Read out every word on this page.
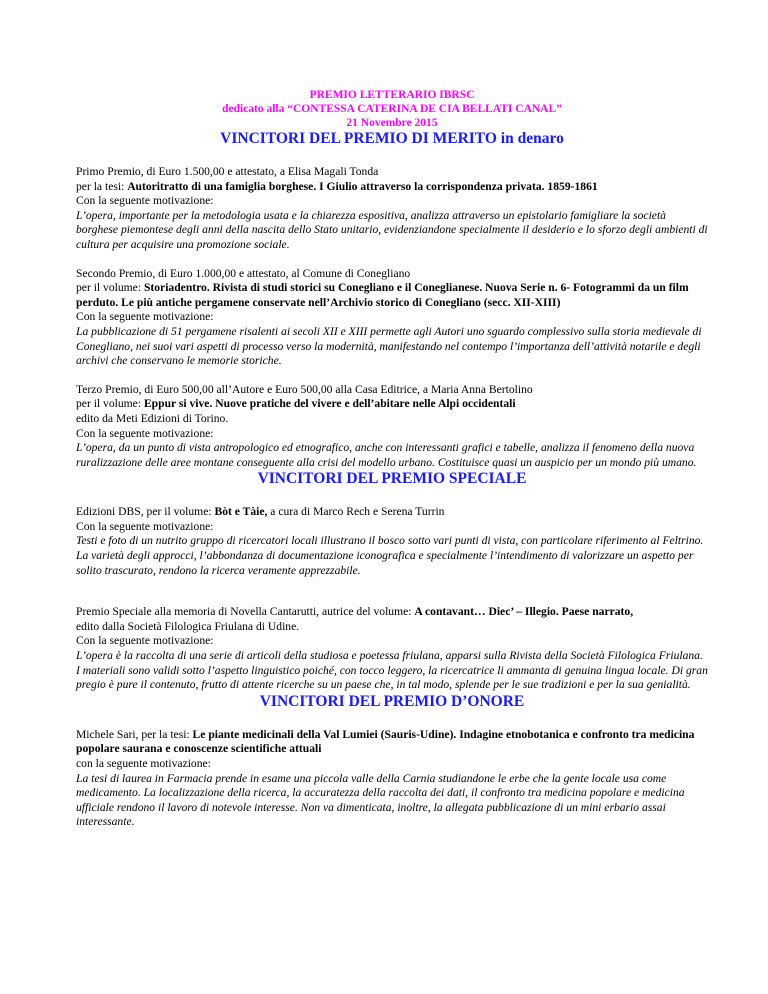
PREMIO LETTERARIO IBRSC
dedicato alla “CONTESSA CATERINA DE CIA BELLATI CANAL”
21 Novembre 2015
VINCITORI DEL PREMIO DI MERITO in denaro

Primo Premio, di Euro 1.500,00 e attestato, a Elisa Magali Tonda

per la tesi: Autoritratto di una famiglia borghese. I Giulio attraverso la corrispondenza privata. 1859-1861

Con la seguente motivazione:

L’opera, importante per la metodologia usata e la chiarezza espositiva, analizza attraverso un epistolario famigliare la società borghese piemontese degli anni della nascita dello Stato unitario, evidenziandone specialmente il desiderio e lo sforzo degli ambienti di cultura per acquisire una promozione sociale.

Secondo Premio, di Euro 1.000,00 e attestato, al Comune di Conegliano

per il volume: Storiadentro. Rivista di studi storici su Conegliano e il Coneglianese. Nuova Serie n. 6- Fotogrammi da un film perduto. Le più antiche pergamene conservate nell’Archivio storico di Conegliano (secc. XII-XIII)

Con la seguente motivazione:

La pubblicazione di 51 pergamene risalenti ai secoli XII e XIII permette agli Autori uno sguardo complessivo sulla storia medievale di Conegliano, nei suoi vari aspetti di processo verso la modernità, manifestando nel contempo l’importanza dell’attività notarile e degli archivi che conservano le memorie storiche.

Terzo Premio, di Euro 500,00 all’Autore e Euro 500,00 alla Casa Editrice, a Maria Anna Bertolino

per il volume: Eppur si vive. Nuove pratiche del vivere e dell’abitare nelle Alpi occidentali

edito da Meti Edizioni di Torino.

Con la seguente motivazione:

L’opera, da un punto di vista antropologico ed etnografico, anche con interessanti grafici e tabelle, analizza il fenomeno della nuova ruralizzazione delle aree montane conseguente alla crisi del modello urbano. Costituisce quasi un auspicio per un mondo più umano.

VINCITORI DEL PREMIO SPECIALE

Edizioni DBS, per il volume: Bòt e Tàie, a cura di Marco Rech e Serena Turrin

Con la seguente motivazione:

Testi e foto di un nutrito gruppo di ricercatori locali illustrano il bosco sotto vari punti di vista, con particolare riferimento al Feltrino. La varietà degli approcci, l’abbondanza di documentazione iconografica e specialmente l’intendimento di valorizzare un aspetto per solito trascurato, rendono la ricerca veramente apprezzabile.

Premio Speciale alla memoria di Novella Cantarutti, autrice del volume: A contavant… Diec’ – Illegio. Paese narrato,

edito dalla Società Filologica Friulana di Udine.

Con la seguente motivazione:

L’opera è la raccolta di una serie di articoli della studiosa e poetessa friulana, apparsi sulla Rivista della Società Filologica Friulana. I materiali sono validi sotto l’aspetto linguistico poiché, con tocco leggero, la ricercatrice li ammanta di genuina lingua locale. Di gran pregio è pure il contenuto, frutto di attente ricerche su un paese che, in tal modo, splende per le sue tradizioni e per la sua genialità.

VINCITORI DEL PREMIO D’ONORE

Michele Sari, per la tesi: Le piante medicinali della Val Lumiei (Sauris-Udine). Indagine etnobotanica e confronto tra medicina popolare saurana e conoscenze scientifiche attuali

con la seguente motivazione:

La tesi di laurea in Farmacia prende in esame una piccola valle della Carnia studiandone le erbe che la gente locale usa come medicamento. La localizzazione della ricerca, la accuratezza della raccolta dei dati, il confronto tra medicina popolare e medicina ufficiale rendono il lavoro di notevole interesse. Non va dimenticata, inoltre, la allegata pubblicazione di un mini erbario assai interessante.
